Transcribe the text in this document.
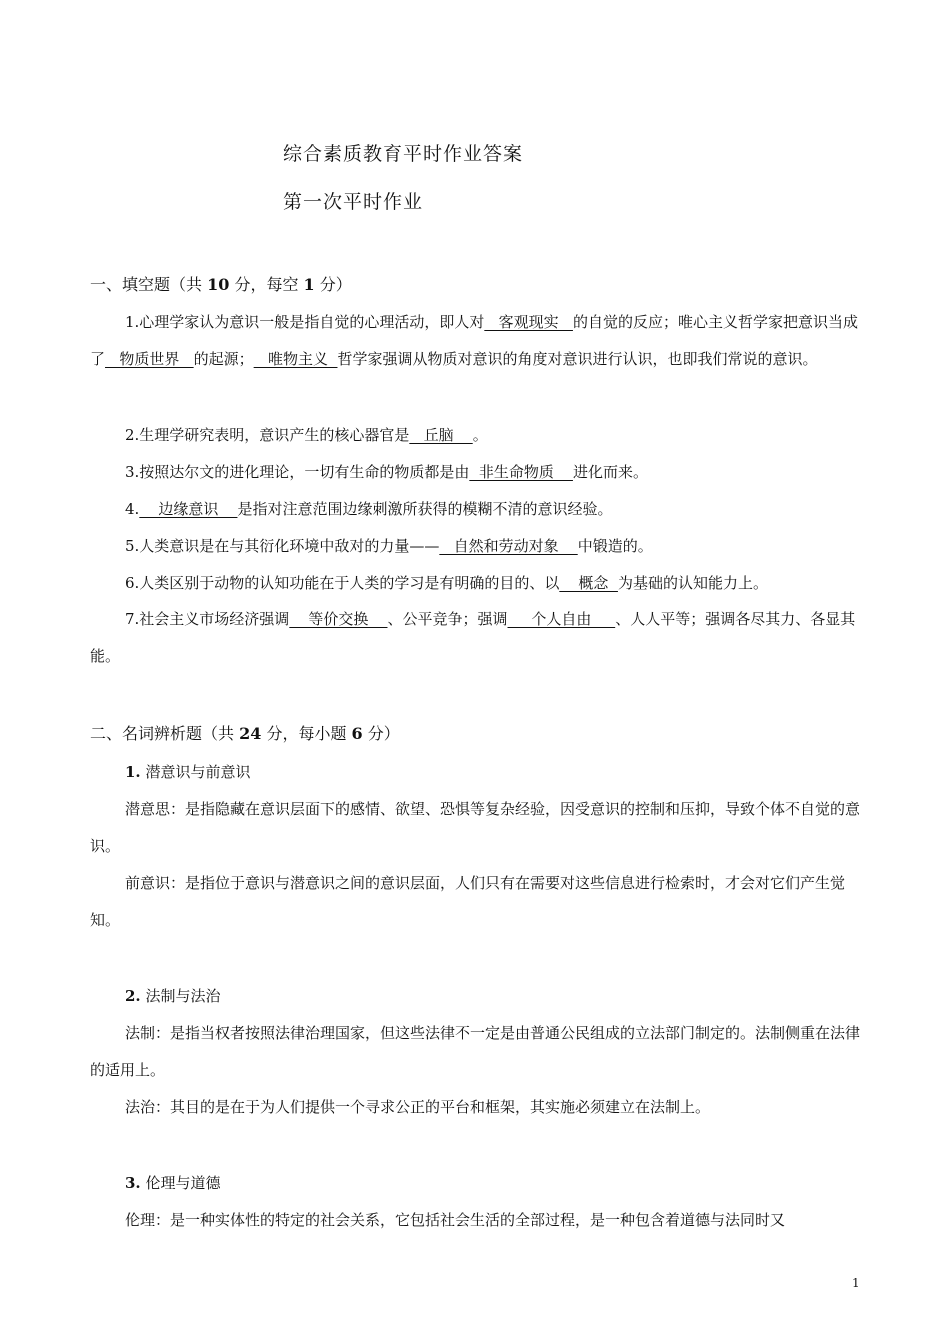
综合素质教育平时作业答案
第一次平时作业
一、填空题（共 10 分，每空 1 分）
1.心理学家认为意识一般是指自觉的心理活动，即人对   客观现实   的自觉的反应；唯心主义哲学家把意识当成了   物质世界   的起源；   唯物主义  哲学家强调从物质对意识的角度对意识进行认识，也即我们常说的意识。
2.生理学研究表明，意识产生的核心器官是   丘脑    。
3.按照达尔文的进化理论，一切有生命的物质都是由  非生命物质    进化而来。
4.    边缘意识    是指对注意范围边缘刺激所获得的模糊不清的意识经验。
5.人类意识是在与其衍化环境中敌对的力量——   自然和劳动对象    中锻造的。
6.人类区别于动物的认知功能在于人类的学习是有明确的目的、以    概念  为基础的认知能力上。
7.社会主义市场经济强调    等价交换    、公平竞争；强调     个人自由     、人人平等；强调各尽其力、各显其能。
二、名词辨析题（共 24 分，每小题 6 分）
1. 潜意识与前意识
潜意思：是指隐藏在意识层面下的感情、欲望、恐惧等复杂经验，因受意识的控制和压抑，导致个体不自觉的意识。
前意识：是指位于意识与潜意识之间的意识层面，人们只有在需要对这些信息进行检索时，才会对它们产生觉知。
2. 法制与法治
法制：是指当权者按照法律治理国家，但这些法律不一定是由普通公民组成的立法部门制定的。法制侧重在法律的适用上。
法治：其目的是在于为人们提供一个寻求公正的平台和框架，其实施必须建立在法制上。
3. 伦理与道德
伦理：是一种实体性的特定的社会关系，它包括社会生活的全部过程，是一种包含着道德与法同时又
1
